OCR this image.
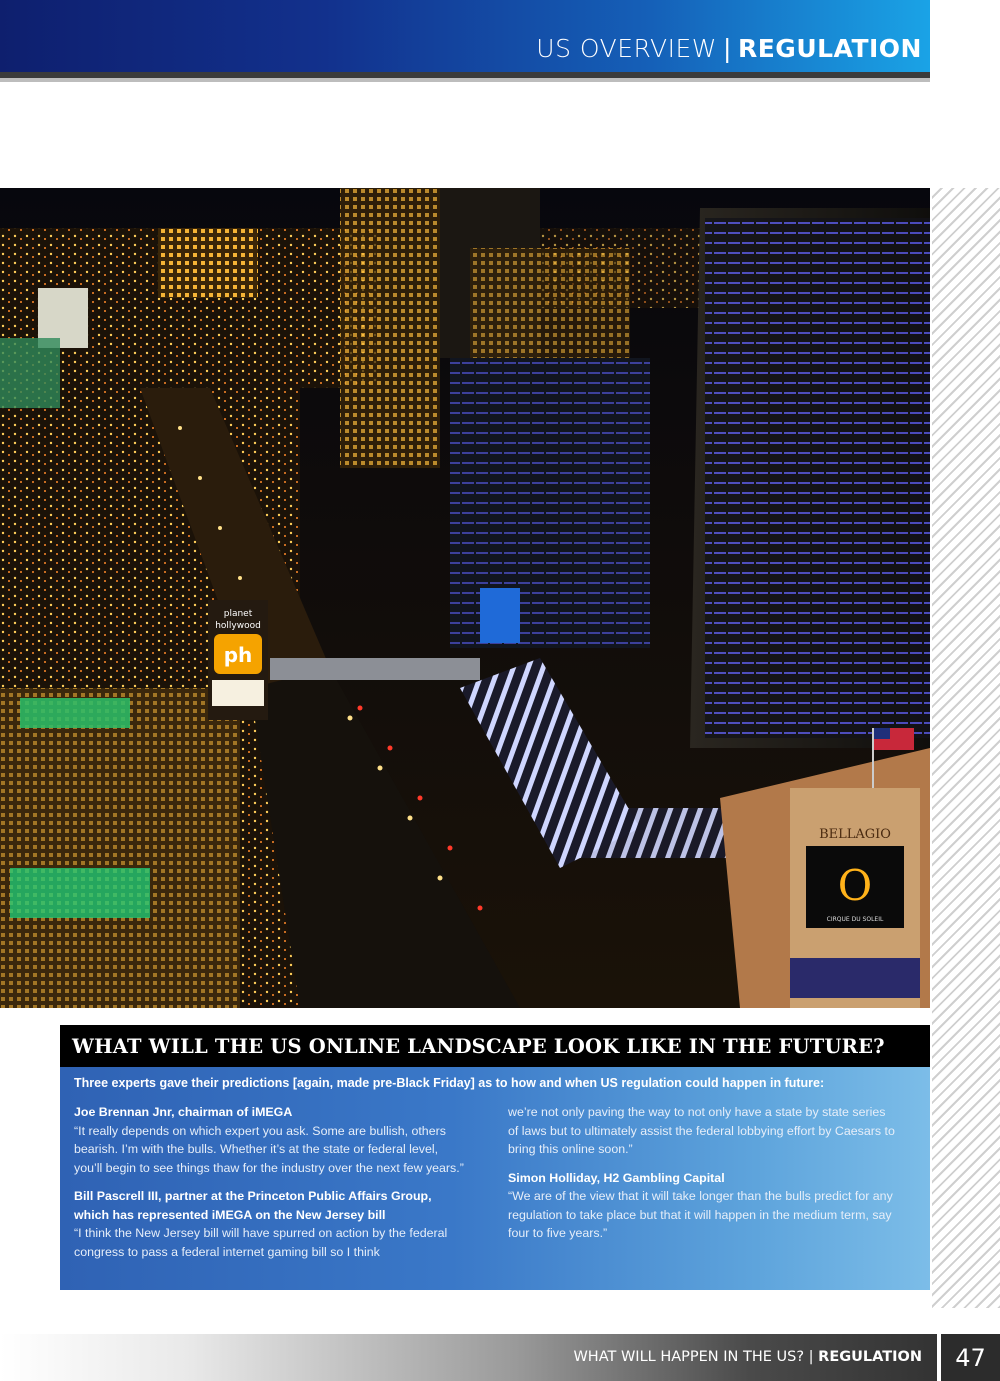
US OVERVIEW | REGULATION
planet
hollywood
ph
BELLAGIO
O
CIRQUE DU SOLEIL
WHAT WILL THE US ONLINE LANDSCAPE LOOK LIKE IN THE FUTURE?

Three experts gave their predictions [again, made pre-Black Friday] as to how and when US regulation could happen in future:

Joe Brennan Jnr, chairman of iMEGA

“It really depends on which expert you ask. Some are bullish, others bearish. I’m with the bulls. Whether it’s at the state or federal level, you’ll begin to see things thaw for the industry over the next few years.”

Bill Pascrell III, partner at the Princeton Public Affairs Group, which has represented iMEGA on the New Jersey bill

“I think the New Jersey bill will have spurred on action by the federal congress to pass a federal internet gaming bill so I think

we’re not only paving the way to not only have a state by state series of laws but to ultimately assist the federal lobbying effort by Caesars to bring this online soon.”

Simon Holliday, H2 Gambling Capital

“We are of the view that it will take longer than the bulls predict for any regulation to take place but that it will happen in the medium term, say four to five years.”

WHAT WILL HAPPEN IN THE US? | REGULATION	47
